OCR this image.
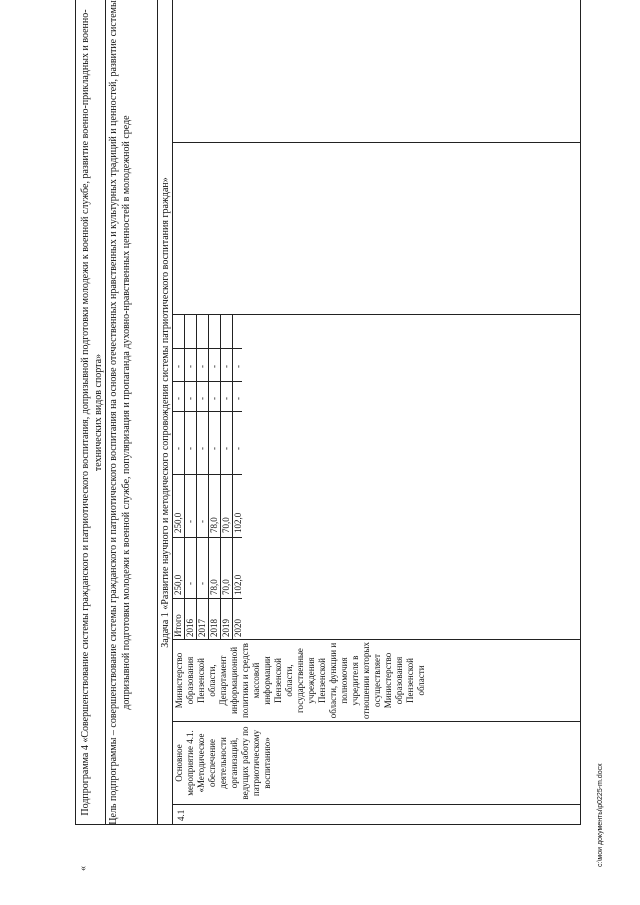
«
Подпрограмма 4 «Совершенствование системы гражданского и патриотического воспитания, допризывной подготовки молодежи к военной службе, развитие военно-прикладных и военно-технических видов спорта» Цель подпрограммы – совершенствование системы гражданского и патриотического воспитания на основе отечественных нравственных и культурных традиций и ценностей, развитие системы допризывной подготовки молодежи к военной службе, популяризация и пропаганда духовно-нравственных ценностей в молодежной среде	Задача 1 «Развитие научного и методического сопровождения системы патриотического воспитания граждан»
4.1
Основное мероприятие 4.1. «Методическое обеспечение деятельности организаций, ведущих работу по патриотическому воспитанию»
Министерство образования Пензенской области, Департамент информационной политики и средств массовой информации Пензенской области, государственные учреждения Пензенской области, функции и полномочия учредителя в отношении которых осуществляет Министерство образования Пензенской области
Итого 2016 2017 2018 2019 2020
250,0 - - 78,0 70,0 102,0
250,0 - - 78,0 70,0 102,0
- - - - - -
- - - - - -
- - - - - -
c:\мои документы\p0225-m.docx
